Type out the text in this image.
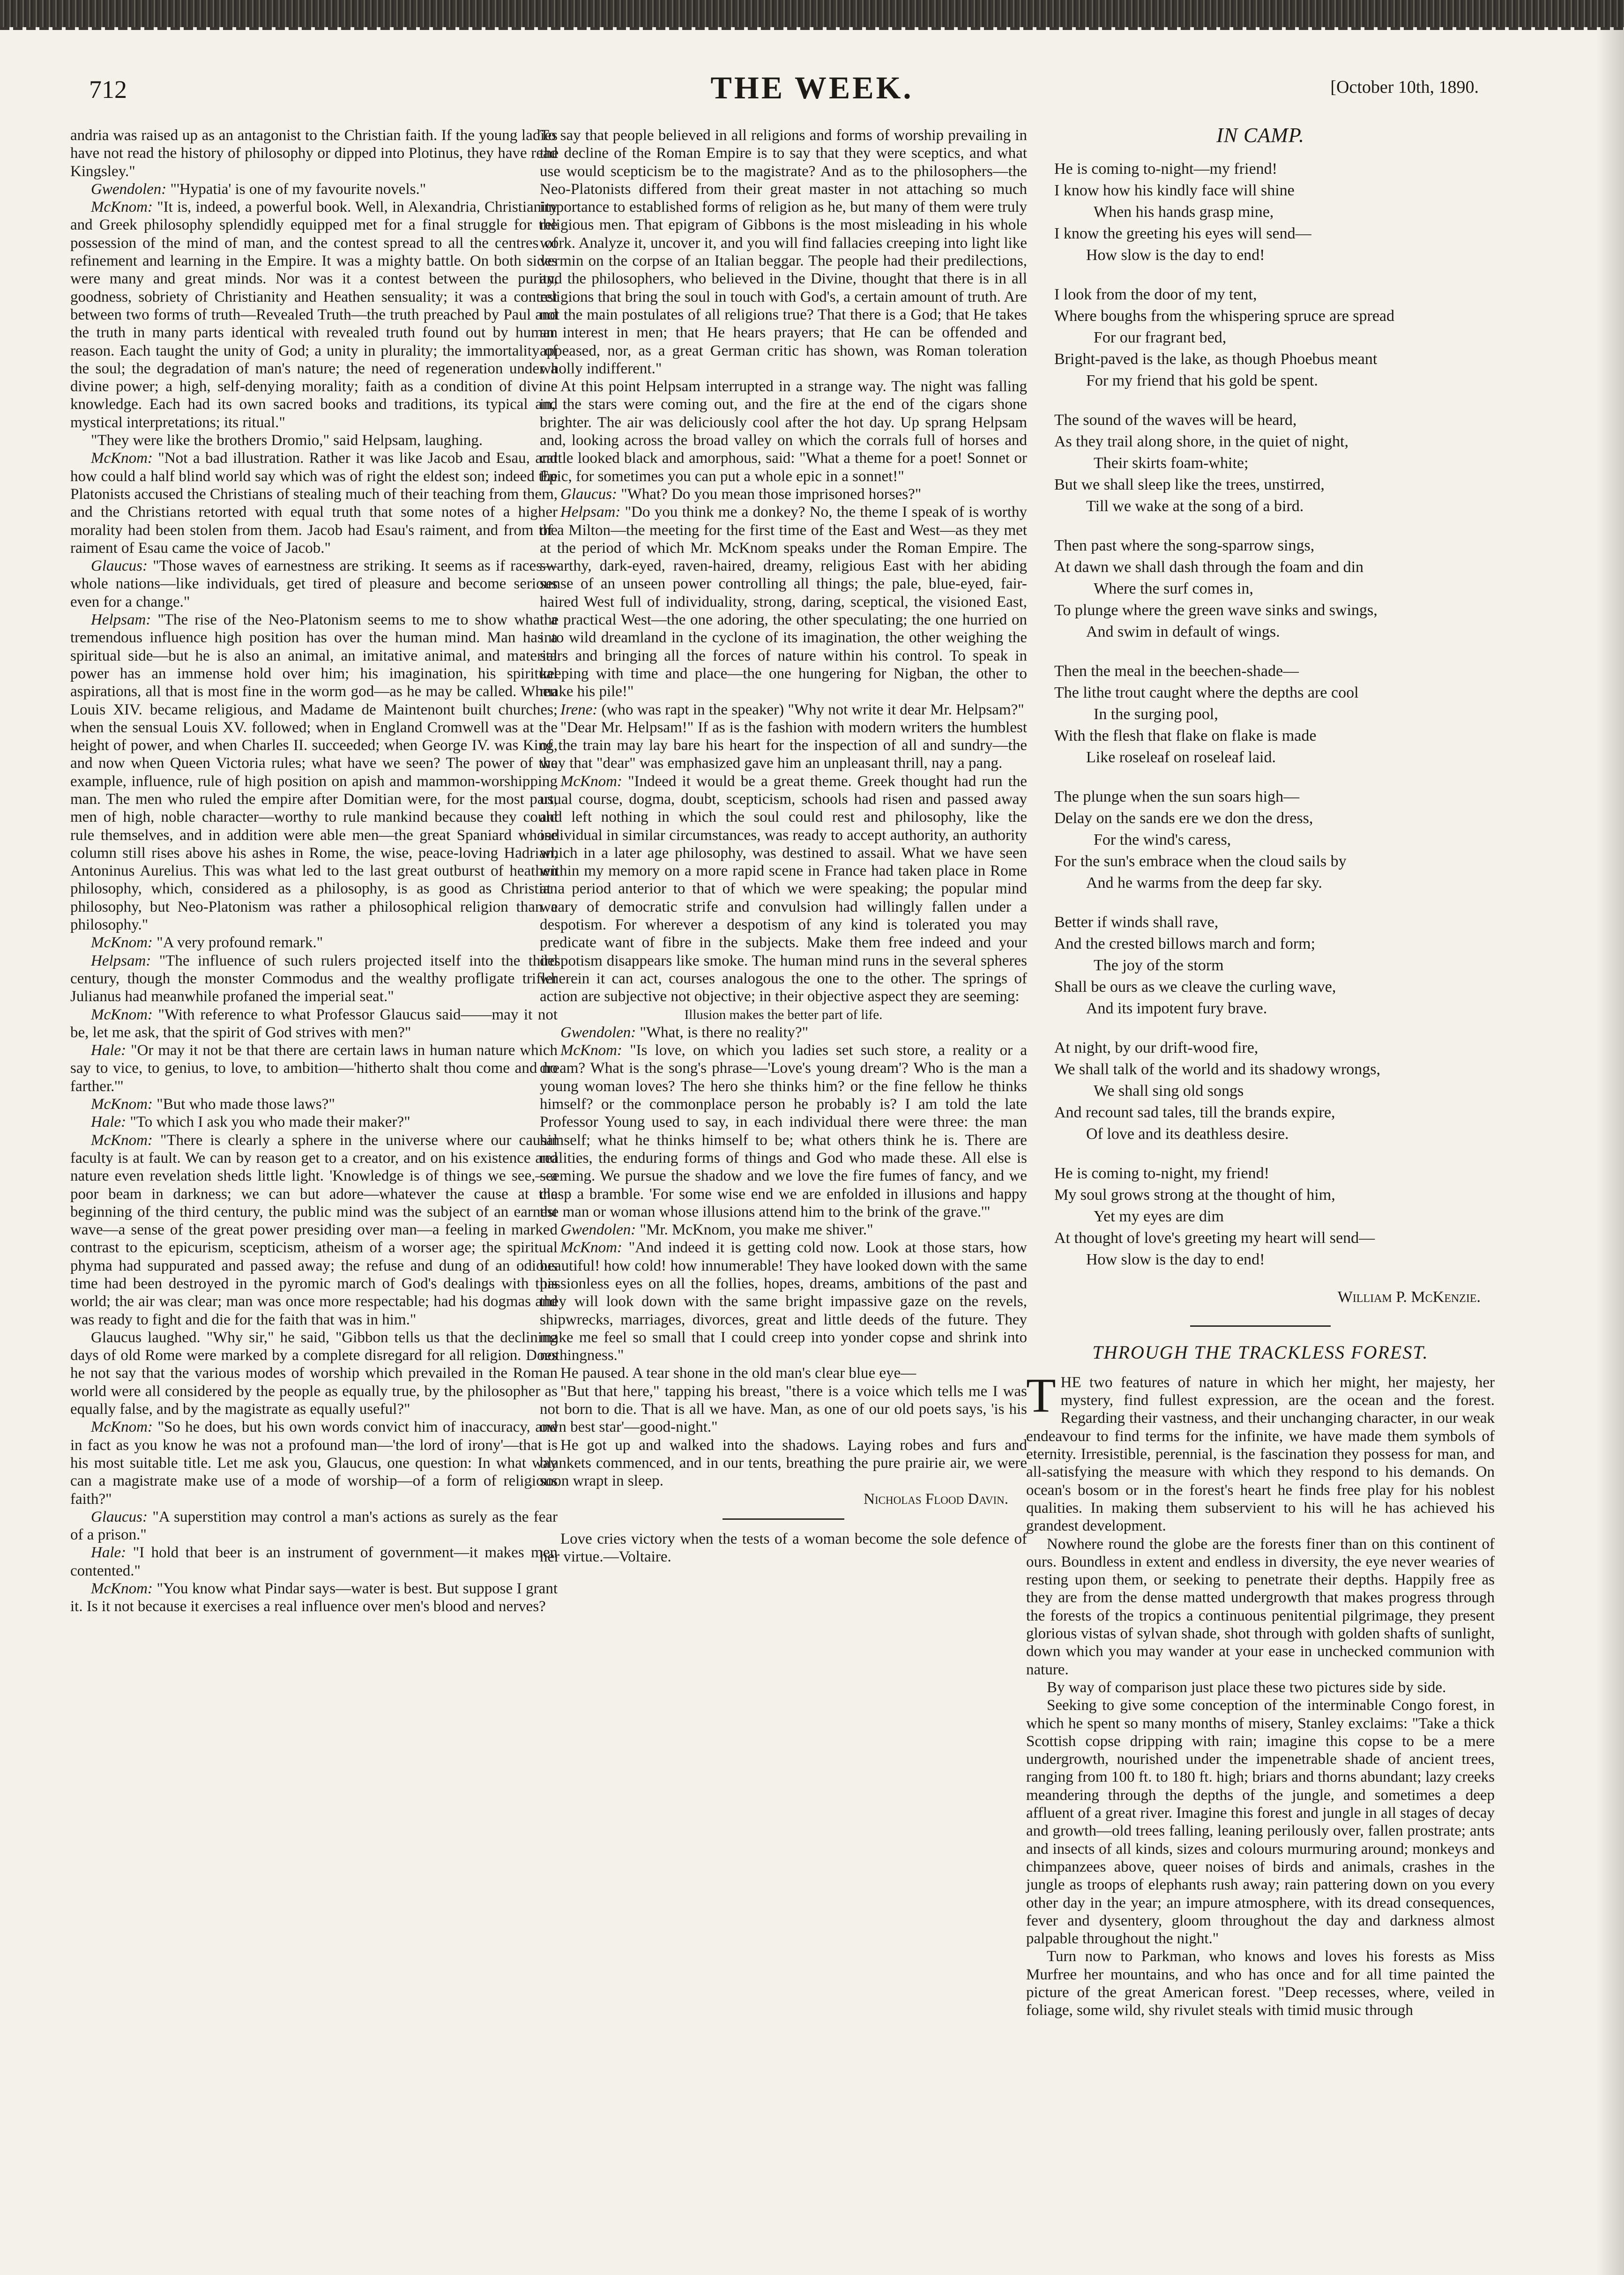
712	THE WEEK.	[October 10th, 1890.

andria was raised up as an antagonist to the Christian faith. If the young ladies have not read the history of philosophy or dipped into Plotinus, they have read Kingsley."

Gwendolen: "'Hypatia' is one of my favourite novels."

McKnom: "It is, indeed, a powerful book. Well, in Alexandria, Christianity and Greek philosophy splendidly equipped met for a final struggle for the possession of the mind of man, and the contest spread to all the centres of refinement and learning in the Empire. It was a mighty battle. On both sides were many and great minds. Nor was it a contest between the purity, goodness, sobriety of Christianity and Heathen sensuality; it was a contest between two forms of truth—Revealed Truth—the truth preached by Paul and the truth in many parts identical with revealed truth found out by human reason. Each taught the unity of God; a unity in plurality; the immortality of the soul; the degradation of man's nature; the need of regeneration under a divine power; a high, self-denying morality; faith as a condition of divine knowledge. Each had its own sacred books and traditions, its typical and mystical interpretations; its ritual."

"They were like the brothers Dromio," said Helpsam, laughing.

McKnom: "Not a bad illustration. Rather it was like Jacob and Esau, and how could a half blind world say which was of right the eldest son; indeed the Platonists accused the Christians of stealing much of their teaching from them, and the Christians retorted with equal truth that some notes of a higher morality had been stolen from them. Jacob had Esau's raiment, and from the raiment of Esau came the voice of Jacob."

Glaucus: "Those waves of earnestness are striking. It seems as if races—whole nations—like individuals, get tired of pleasure and become serious even for a change."

Helpsam: "The rise of the Neo-Platonism seems to me to show what a tremendous influence high position has over the human mind. Man has a spiritual side—but he is also an animal, an imitative animal, and material power has an immense hold over him; his imagination, his spiritual aspirations, all that is most fine in the worm god—as he may be called. When Louis XIV. became religious, and Madame de Maintenont built churches; when the sensual Louis XV. followed; when in England Cromwell was at the height of power, and when Charles II. succeeded; when George IV. was King, and now when Queen Victoria rules; what have we seen? The power of the example, influence, rule of high position on apish and mammon-worshipping man. The men who ruled the empire after Domitian were, for the most part, men of high, noble character—worthy to rule mankind because they could rule themselves, and in addition were able men—the great Spaniard whose column still rises above his ashes in Rome, the wise, peace-loving Hadrian, Antoninus Aurelius. This was what led to the last great outburst of heathen philosophy, which, considered as a philosophy, is as good as Christian philosophy, but Neo-Platonism was rather a philosophical religion than a philosophy."

McKnom: "A very profound remark."

Helpsam: "The influence of such rulers projected itself into the third century, though the monster Commodus and the wealthy profligate trifler Julianus had meanwhile profaned the imperial seat."

McKnom: "With reference to what Professor Glaucus said——may it not be, let me ask, that the spirit of God strives with men?"

Hale: "Or may it not be that there are certain laws in human nature which say to vice, to genius, to love, to ambition—'hitherto shalt thou come and no farther.'"

McKnom: "But who made those laws?"

Hale: "To which I ask you who made their maker?"

McKnom: "There is clearly a sphere in the universe where our causal faculty is at fault. We can by reason get to a creator, and on his existence and nature even revelation sheds little light. 'Knowledge is of things we see,—a poor beam in darkness; we can but adore—whatever the cause at the beginning of the third century, the public mind was the subject of an earnest wave—a sense of the great power presiding over man—a feeling in marked contrast to the epicurism, scepticism, atheism of a worser age; the spiritual phyma had suppurated and passed away; the refuse and dung of an odious time had been destroyed in the pyromic march of God's dealings with this world; the air was clear; man was once more respectable; had his dogmas and was ready to fight and die for the faith that was in him."

Glaucus laughed. "Why sir," he said, "Gibbon tells us that the declining days of old Rome were marked by a complete disregard for all religion. Does he not say that the various modes of worship which prevailed in the Roman world were all considered by the people as equally true, by the philosopher as equally false, and by the magistrate as equally useful?"

McKnom: "So he does, but his own words convict him of inaccuracy, and in fact as you know he was not a profound man—'the lord of irony'—that is his most suitable title. Let me ask you, Glaucus, one question: In what way can a magistrate make use of a mode of worship—of a form of religious faith?"

Glaucus: "A superstition may control a man's actions as surely as the fear of a prison."

Hale: "I hold that beer is an instrument of government—it makes men contented."

McKnom: "You know what Pindar says—water is best. But suppose I grant it. Is it not because it exercises a real influence over men's blood and nerves?

To say that people believed in all religions and forms of worship prevailing in the decline of the Roman Empire is to say that they were sceptics, and what use would scepticism be to the magistrate? And as to the philosophers—the Neo-Platonists differed from their great master in not attaching so much importance to established forms of religion as he, but many of them were truly religious men. That epigram of Gibbons is the most misleading in his whole work. Analyze it, uncover it, and you will find fallacies creeping into light like vermin on the corpse of an Italian beggar. The people had their predilections, and the philosophers, who believed in the Divine, thought that there is in all religions that bring the soul in touch with God's, a certain amount of truth. Are not the main postulates of all religions true? That there is a God; that He takes an interest in men; that He hears prayers; that He can be offended and appeased, nor, as a great German critic has shown, was Roman toleration wholly indifferent."

At this point Helpsam interrupted in a strange way. The night was falling in, the stars were coming out, and the fire at the end of the cigars shone brighter. The air was deliciously cool after the hot day. Up sprang Helpsam and, looking across the broad valley on which the corrals full of horses and cattle looked black and amorphous, said: "What a theme for a poet! Sonnet or Epic, for sometimes you can put a whole epic in a sonnet!"

Glaucus: "What? Do you mean those imprisoned horses?"

Helpsam: "Do you think me a donkey? No, the theme I speak of is worthy of a Milton—the meeting for the first time of the East and West—as they met at the period of which Mr. McKnom speaks under the Roman Empire. The swarthy, dark-eyed, raven-haired, dreamy, religious East with her abiding sense of an unseen power controlling all things; the pale, blue-eyed, fair-haired West full of individuality, strong, daring, sceptical, the visioned East, the practical West—the one adoring, the other speculating; the one hurried on into wild dreamland in the cyclone of its imagination, the other weighing the stars and bringing all the forces of nature within his control. To speak in keeping with time and place—the one hungering for Nigban, the other to make his pile!"

Irene: (who was rapt in the speaker) "Why not write it dear Mr. Helpsam?"

"Dear Mr. Helpsam!" If as is the fashion with modern writers the humblest of the train may lay bare his heart for the inspection of all and sundry—the way that "dear" was emphasized gave him an unpleasant thrill, nay a pang.

McKnom: "Indeed it would be a great theme. Greek thought had run the usual course, dogma, doubt, scepticism, schools had risen and passed away and left nothing in which the soul could rest and philosophy, like the individual in similar circumstances, was ready to accept authority, an authority which in a later age philosophy, was destined to assail. What we have seen within my memory on a more rapid scene in France had taken place in Rome at a period anterior to that of which we were speaking; the popular mind weary of democratic strife and convulsion had willingly fallen under a despotism. For wherever a despotism of any kind is tolerated you may predicate want of fibre in the subjects. Make them free indeed and your despotism disappears like smoke. The human mind runs in the several spheres wherein it can act, courses analogous the one to the other. The springs of action are subjective not objective; in their objective aspect they are seeming:

Illusion makes the better part of life.

Gwendolen: "What, is there no reality?"

McKnom: "Is love, on which you ladies set such store, a reality or a dream? What is the song's phrase—'Love's young dream'? Who is the man a young woman loves? The hero she thinks him? or the fine fellow he thinks himself? or the commonplace person he probably is? I am told the late Professor Young used to say, in each individual there were three: the man himself; what he thinks himself to be; what others think he is. There are realities, the enduring forms of things and God who made these. All else is seeming. We pursue the shadow and we love the fire fumes of fancy, and we clasp a bramble. 'For some wise end we are enfolded in illusions and happy the man or woman whose illusions attend him to the brink of the grave.'"

Gwendolen: "Mr. McKnom, you make me shiver."

McKnom: "And indeed it is getting cold now. Look at those stars, how beautiful! how cold! how innumerable! They have looked down with the same passionless eyes on all the follies, hopes, dreams, ambitions of the past and they will look down with the same bright impassive gaze on the revels, shipwrecks, marriages, divorces, great and little deeds of the future. They make me feel so small that I could creep into yonder copse and shrink into nothingness."

He paused. A tear shone in the old man's clear blue eye—

"But that here," tapping his breast, "there is a voice which tells me I was not born to die. That is all we have. Man, as one of our old poets says, 'is his own best star'—good-night."

He got up and walked into the shadows. Laying robes and furs and blankets commenced, and in our tents, breathing the pure prairie air, we were soon wrapt in sleep.

Nicholas Flood Davin.

Love cries victory when the tests of a woman become the sole defence of her virtue.—Voltaire.

IN CAMP.
He is coming to-night—my friend!
I know how his kindly face will shine
When his hands grasp mine,
I know the greeting his eyes will send—
How slow is the day to end!
I look from the door of my tent,
Where boughs from the whispering spruce are spread
For our fragrant bed,
Bright-paved is the lake, as though Phoebus meant
For my friend that his gold be spent.
The sound of the waves will be heard,
As they trail along shore, in the quiet of night,
Their skirts foam-white;
But we shall sleep like the trees, unstirred,
Till we wake at the song of a bird.
Then past where the song-sparrow sings,
At dawn we shall dash through the foam and din
Where the surf comes in,
To plunge where the green wave sinks and swings,
And swim in default of wings.
Then the meal in the beechen-shade—
The lithe trout caught where the depths are cool
In the surging pool,
With the flesh that flake on flake is made
Like roseleaf on roseleaf laid.
The plunge when the sun soars high—
Delay on the sands ere we don the dress,
For the wind's caress,
For the sun's embrace when the cloud sails by
And he warms from the deep far sky.
Better if winds shall rave,
And the crested billows march and form;
The joy of the storm
Shall be ours as we cleave the curling wave,
And its impotent fury brave.
At night, by our drift-wood fire,
We shall talk of the world and its shadowy wrongs,
We shall sing old songs
And recount sad tales, till the brands expire,
Of love and its deathless desire.
He is coming to-night, my friend!
My soul grows strong at the thought of him,
Yet my eyes are dim
At thought of love's greeting my heart will send—
How slow is the day to end!
William P. McKenzie.
THROUGH THE TRACKLESS FOREST.

THE two features of nature in which her might, her majesty, her mystery, find fullest expression, are the ocean and the forest. Regarding their vastness, and their unchanging character, in our weak endeavour to find terms for the infinite, we have made them symbols of eternity. Irresistible, perennial, is the fascination they possess for man, and all-satisfying the measure with which they respond to his demands. On ocean's bosom or in the forest's heart he finds free play for his noblest qualities. In making them subservient to his will he has achieved his grandest development.

Nowhere round the globe are the forests finer than on this continent of ours. Boundless in extent and endless in diversity, the eye never wearies of resting upon them, or seeking to penetrate their depths. Happily free as they are from the dense matted undergrowth that makes progress through the forests of the tropics a continuous penitential pilgrimage, they present glorious vistas of sylvan shade, shot through with golden shafts of sunlight, down which you may wander at your ease in unchecked communion with nature.

By way of comparison just place these two pictures side by side.

Seeking to give some conception of the interminable Congo forest, in which he spent so many months of misery, Stanley exclaims: "Take a thick Scottish copse dripping with rain; imagine this copse to be a mere undergrowth, nourished under the impenetrable shade of ancient trees, ranging from 100 ft. to 180 ft. high; briars and thorns abundant; lazy creeks meandering through the depths of the jungle, and sometimes a deep affluent of a great river. Imagine this forest and jungle in all stages of decay and growth—old trees falling, leaning perilously over, fallen prostrate; ants and insects of all kinds, sizes and colours murmuring around; monkeys and chimpanzees above, queer noises of birds and animals, crashes in the jungle as troops of elephants rush away; rain pattering down on you every other day in the year; an impure atmosphere, with its dread consequences, fever and dysentery, gloom throughout the day and darkness almost palpable throughout the night."

Turn now to Parkman, who knows and loves his forests as Miss Murfree her mountains, and who has once and for all time painted the picture of the great American forest. "Deep recesses, where, veiled in foliage, some wild, shy rivulet steals with timid music through
